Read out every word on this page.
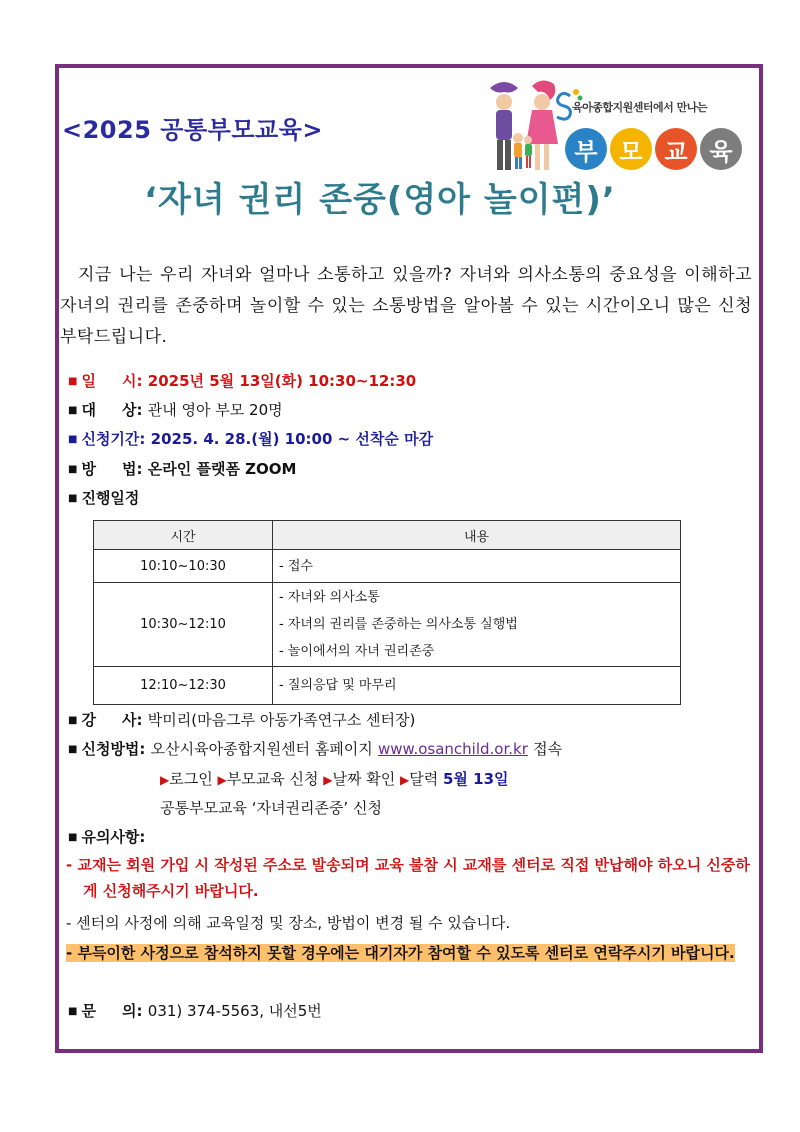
<2025 공통부모교육>
육아종합지원센터에서 만나는
부 모 교 육
‘자녀 권리 존중(영아 놀이편)’

지금 나는 우리 자녀와 얼마나 소통하고 있을까? 자녀와 의사소통의 중요성을 이해하고 자녀의 권리를 존중하며 놀이할 수 있는 소통방법을 알아볼 수 있는 시간이오니 많은 신청 부탁드립니다.

■ 일     시: 2025년 5월 13일(화) 10:30~12:30
■ 대     상: 관내 영아 부모 20명
■ 신청기간: 2025. 4. 28.(월) 10:00 ~ 선착순 마감
■ 방     법: 온라인 플랫폼 ZOOM
■ 진행일정
시간	내용
10:10~10:30	- 접수

10:30~12:10	- 자녀와 의사소통
- 자녀의 권리를 존중하는 의사소통 실행법
- 놀이에서의 자녀 권리존중

12:10~12:30	- 질의응답 및 마무리
■ 강     사: 박미리(마음그루 아동가족연구소 센터장)
■ 신청방법: 오산시육아종합지원센터 홈페이지 www.osanchild.or.kr 접속
▶로그인 ▶부모교육 신청 ▶날짜 확인 ▶달력 5월 13일
공통부모교육 ‘자녀권리존중’ 신청
■ 유의사항:
- 교재는 회원 가입 시 작성된 주소로 발송되며 교육 불참 시 교재를 센터로 직접 반납해야 하오니 신중하게 신청해주시기 바랍니다.
- 센터의 사정에 의해 교육일정 및 장소, 방법이 변경 될 수 있습니다.
- 부득이한 사정으로 참석하지 못할 경우에는 대기자가 참여할 수 있도록 센터로 연락주시기 바랍니다.
■ 문     의: 031) 374-5563, 내선5번
